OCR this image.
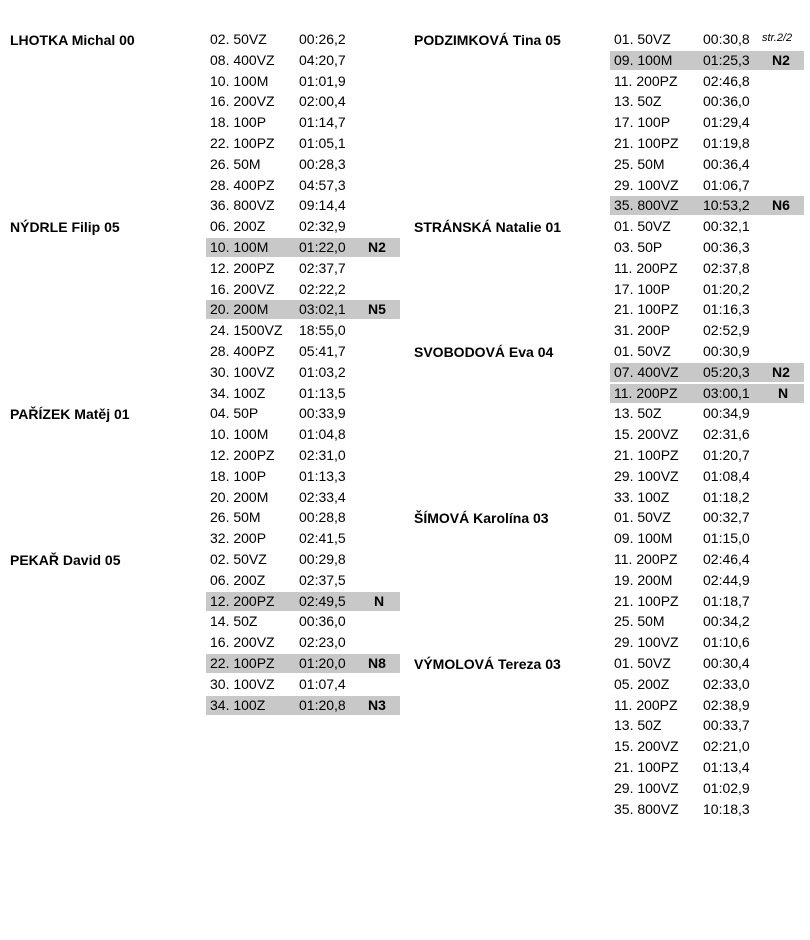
str.2/2
LHOTKA Michal 00	02. 50VZ 00:26,2
08. 400VZ 04:20,7
10. 100M 01:01,9
16. 200VZ 02:00,4
18. 100P 01:14,7
22. 100PZ 01:05,1
26. 50M	00:28,3
28. 400PZ 04:57,3
36. 800VZ 09:14,4
NÝDRLE Filip 05	06. 200Z 02:32,9
10. 100M 01:22,0 N2
12. 200PZ 02:37,7
16. 200VZ 02:22,2
20. 200M 03:02,1 N5
24. 1500VZ 18:55,0
28. 400PZ 05:41,7
30. 100VZ 01:03,2
34. 100Z 01:13,5
PAŘÍZEK Matěj 01	04. 50P	00:33,9
10. 100M 01:04,8
12. 200PZ 02:31,0
18. 100P 01:13,3
20. 200M 02:33,4
26. 50M	00:28,8
32. 200P 02:41,5
PEKAŘ David 05	02. 50VZ 00:29,8
06. 200Z 02:37,5
12. 200PZ 02:49,5 N
14. 50Z	00:36,0
16. 200VZ 02:23,0
22. 100PZ 01:20,0 N8
30. 100VZ 01:07,4
34. 100Z 01:20,8 N3
PODZIMKOVÁ Tina 05	01. 50VZ 00:30,8
09. 100M 01:25,3 N2
11. 200PZ 02:46,8
13. 50Z	00:36,0
17. 100P 01:29,4
21. 100PZ 01:19,8
25. 50M	00:36,4
29. 100VZ 01:06,7
35. 800VZ 10:53,2 N6
STRÁNSKÁ Natalie 01	01. 50VZ 00:32,1
03. 50P	00:36,3
11. 200PZ 02:37,8
17. 100P 01:20,2
21. 100PZ 01:16,3
31. 200P 02:52,9
SVOBODOVÁ Eva 04	01. 50VZ 00:30,9
07. 400VZ 05:20,3 N2
11. 200PZ 03:00,1 N
13. 50Z	00:34,9
15. 200VZ 02:31,6
21. 100PZ 01:20,7
29. 100VZ 01:08,4
33. 100Z 01:18,2
ŠÍMOVÁ Karolína 03	01. 50VZ 00:32,7
09. 100M 01:15,0
11. 200PZ 02:46,4
19. 200M 02:44,9
21. 100PZ 01:18,7
25. 50M	00:34,2
29. 100VZ 01:10,6
VÝMOLOVÁ Tereza 03	01. 50VZ 00:30,4
05. 200Z 02:33,0
11. 200PZ 02:38,9
13. 50Z	00:33,7
15. 200VZ 02:21,0
21. 100PZ 01:13,4
29. 100VZ 01:02,9
35. 800VZ 10:18,3
